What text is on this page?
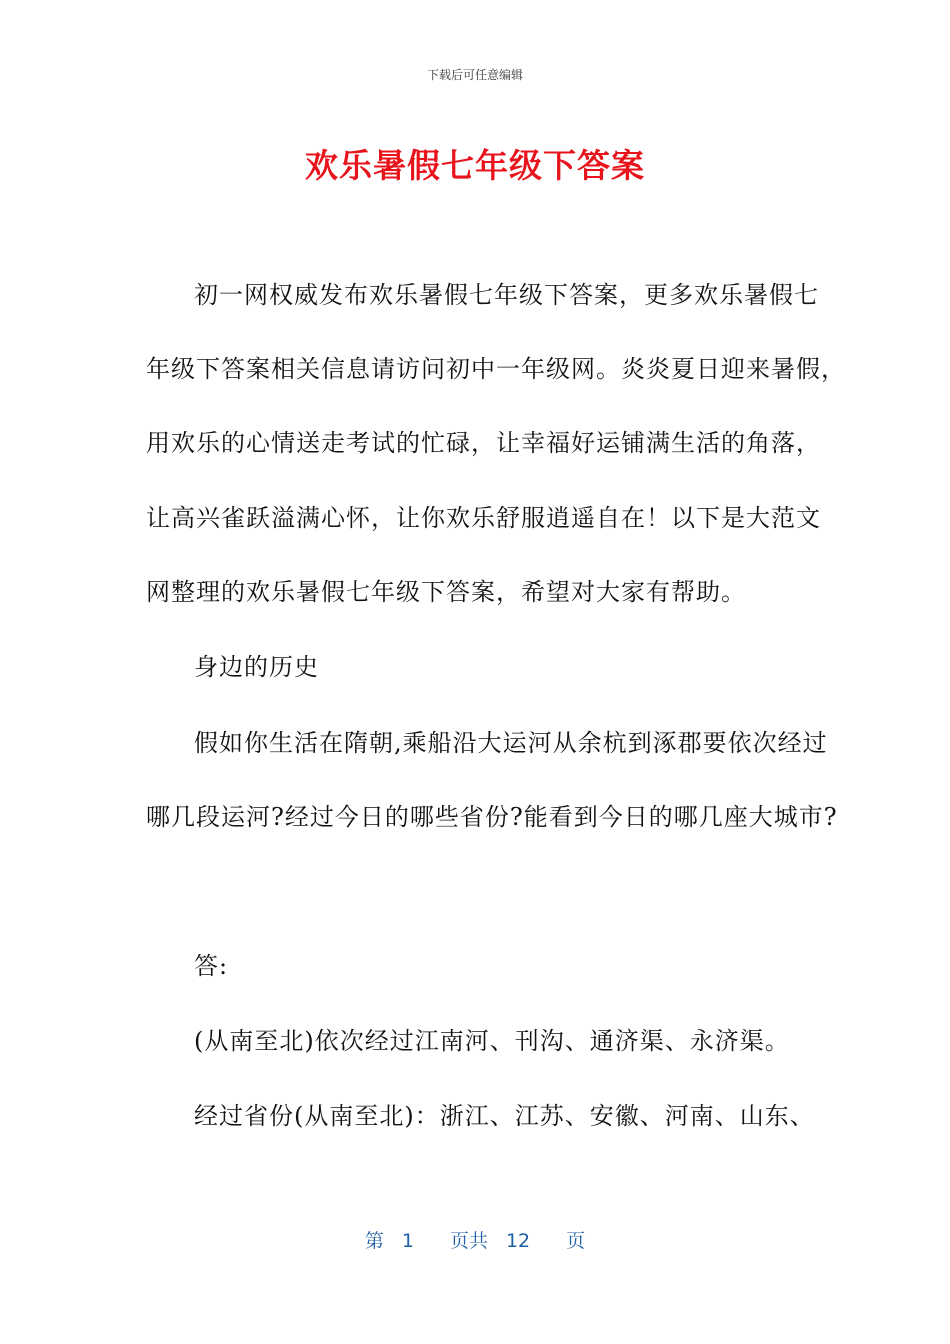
下载后可任意编辑
欢乐暑假七年级下答案
初一网权威发布欢乐暑假七年级下答案，更多欢乐暑假七
年级下答案相关信息请访问初中一年级网。炎炎夏日迎来暑假，
用欢乐的心情送走考试的忙碌，让幸福好运铺满生活的角落，
让高兴雀跃溢满心怀，让你欢乐舒服逍遥自在！以下是大范文
网整理的欢乐暑假七年级下答案，希望对大家有帮助。
身边的历史
假如你生活在隋朝,乘船沿大运河从余杭到涿郡要依次经过
哪几段运河?经过今日的哪些省份?能看到今日的哪几座大城市?
答:
(从南至北)依次经过江南河、刊沟、通济渠、永济渠。
经过省份(从南至北)：浙江、江苏、安徽、河南、山东、
第 1 页共 12 页
